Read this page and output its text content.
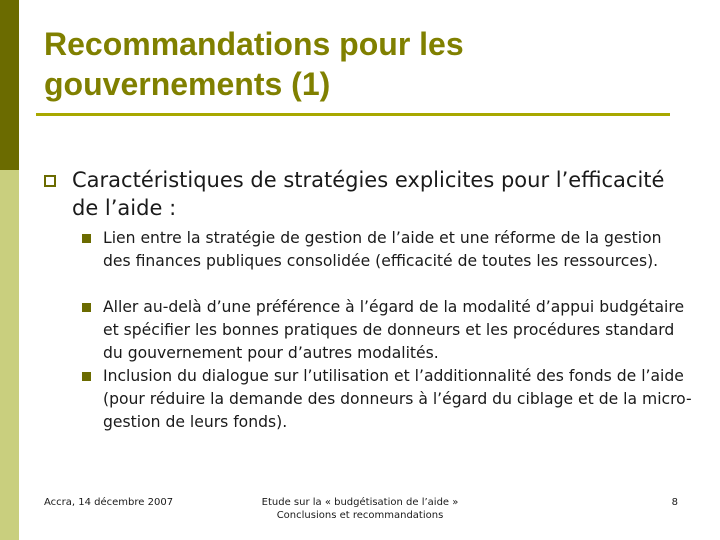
Recommandations pour les gouvernements (1)

Caractéristiques de stratégies explicites pour l’efficacité de l’aide :

Lien entre la stratégie de gestion de l’aide et une réforme de la gestion des finances publiques consolidée (efficacité de toutes les ressources).

Aller au-delà d’une préférence à l’égard de la modalité d’appui budgétaire et spécifier les bonnes pratiques de donneurs et les procédures standard du gouvernement pour d’autres modalités.

Inclusion du dialogue sur l’utilisation et l’additionnalité des fonds de l’aide (pour réduire la demande des donneurs à l’égard du ciblage et de la micro-gestion de leurs fonds).

Accra, 14 décembre 2007	Etude sur la « budgétisation de l’aide »
Conclusions et recommandations
8
